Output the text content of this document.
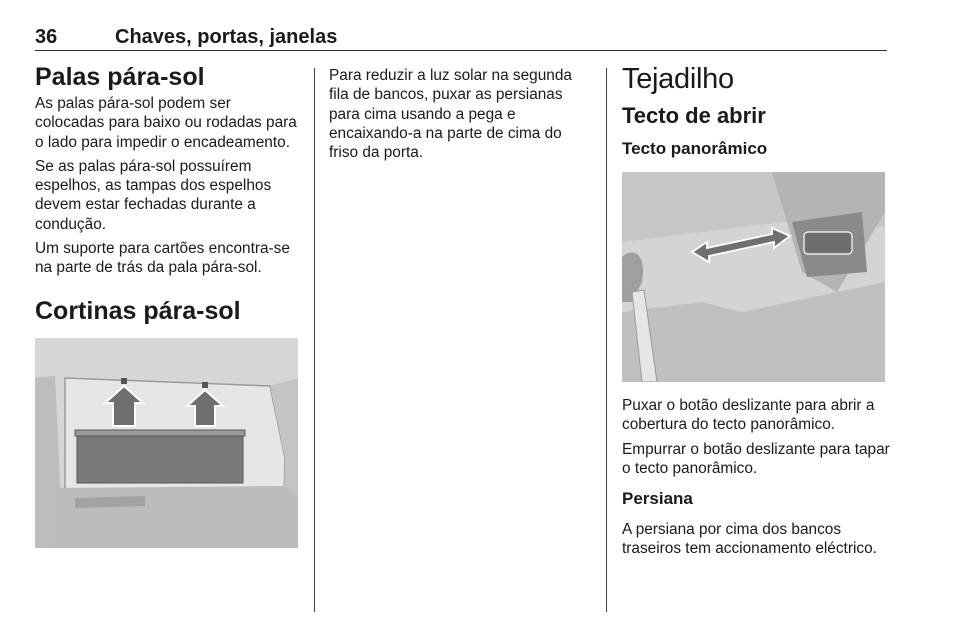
36	Chaves, portas, janelas
Palas pára-sol

As palas pára-sol podem ser colocadas para baixo ou rodadas para o lado para impedir o encadeamento.

Se as palas pára-sol possuírem espelhos, as tampas dos espelhos devem estar fechadas durante a condução.

Um suporte para cartões encontra-se na parte de trás da pala pára-sol.

Cortinas pára-sol

Para reduzir a luz solar na segunda fila de bancos, puxar as persianas para cima usando a pega e encaixando-a na parte de cima do friso da porta.

Tejadilho
Tecto de abrir
Tecto panorâmico

Puxar o botão deslizante para abrir a cobertura do tecto panorâmico.

Empurrar o botão deslizante para tapar o tecto panorâmico.

Persiana

A persiana por cima dos bancos traseiros tem accionamento eléctrico.
